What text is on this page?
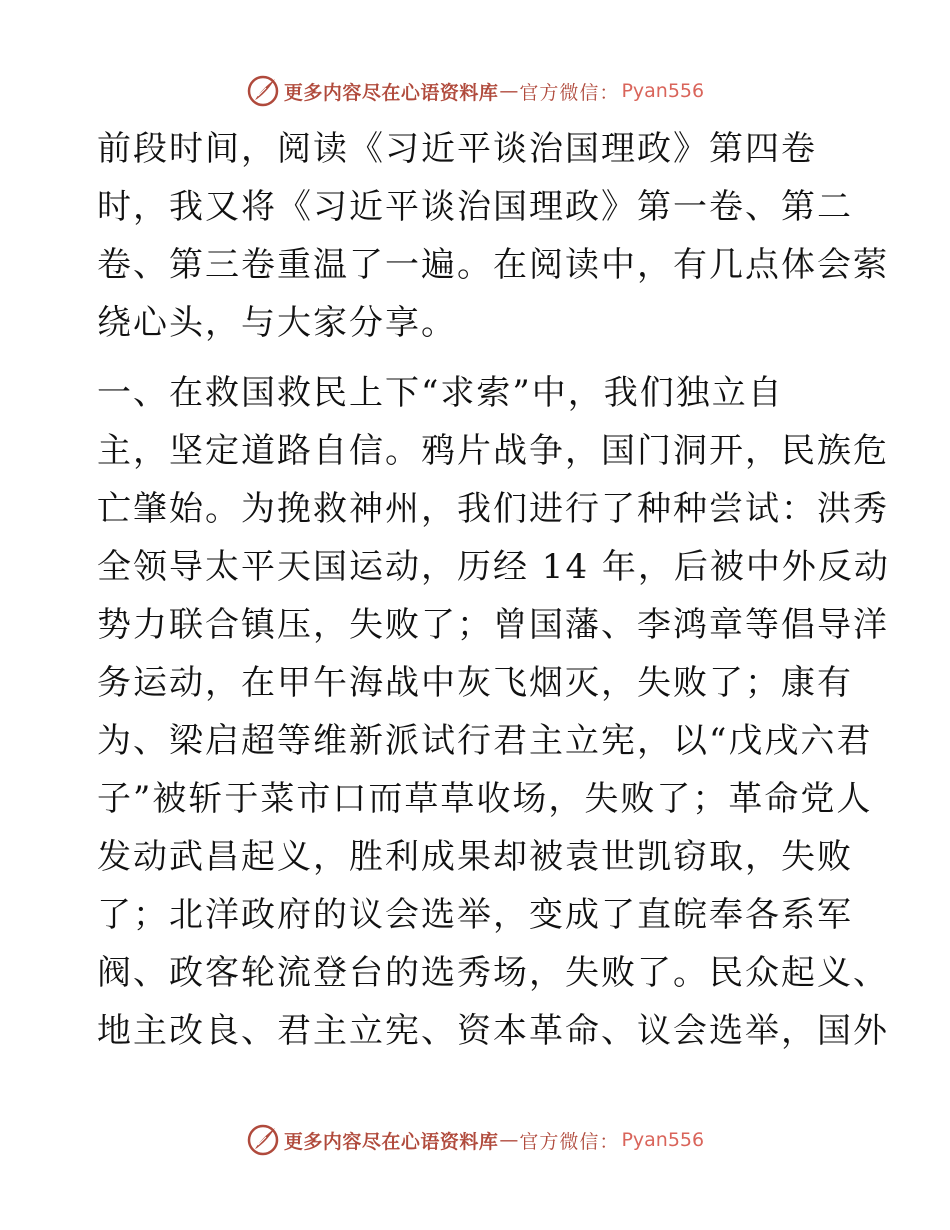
更多内容尽在心语资料库 — 官方微信： Pyan556

前段时间，阅读《习近平谈治国理政》第四卷
时，我又将《习近平谈治国理政》第一卷、第二
卷、第三卷重温了一遍。在阅读中，有几点体会萦
绕心头，与大家分享。

一、在救国救民上下“求索”中，我们独立自
主，坚定道路自信。鸦片战争，国门洞开，民族危
亡肇始。为挽救神州，我们进行了种种尝试：洪秀
全领导太平天国运动，历经 14 年，后被中外反动
势力联合镇压，失败了；曾国藩、李鸿章等倡导洋
务运动，在甲午海战中灰飞烟灭，失败了；康有
为、梁启超等维新派试行君主立宪，以“戊戌六君
子”被斩于菜市口而草草收场，失败了；革命党人
发动武昌起义，胜利成果却被袁世凯窃取，失败
了；北洋政府的议会选举，变成了直皖奉各系军
阀、政客轮流登台的选秀场，失败了。民众起义、
地主改良、君主立宪、资本革命、议会选举，国外

更多内容尽在心语资料库 — 官方微信： Pyan556
